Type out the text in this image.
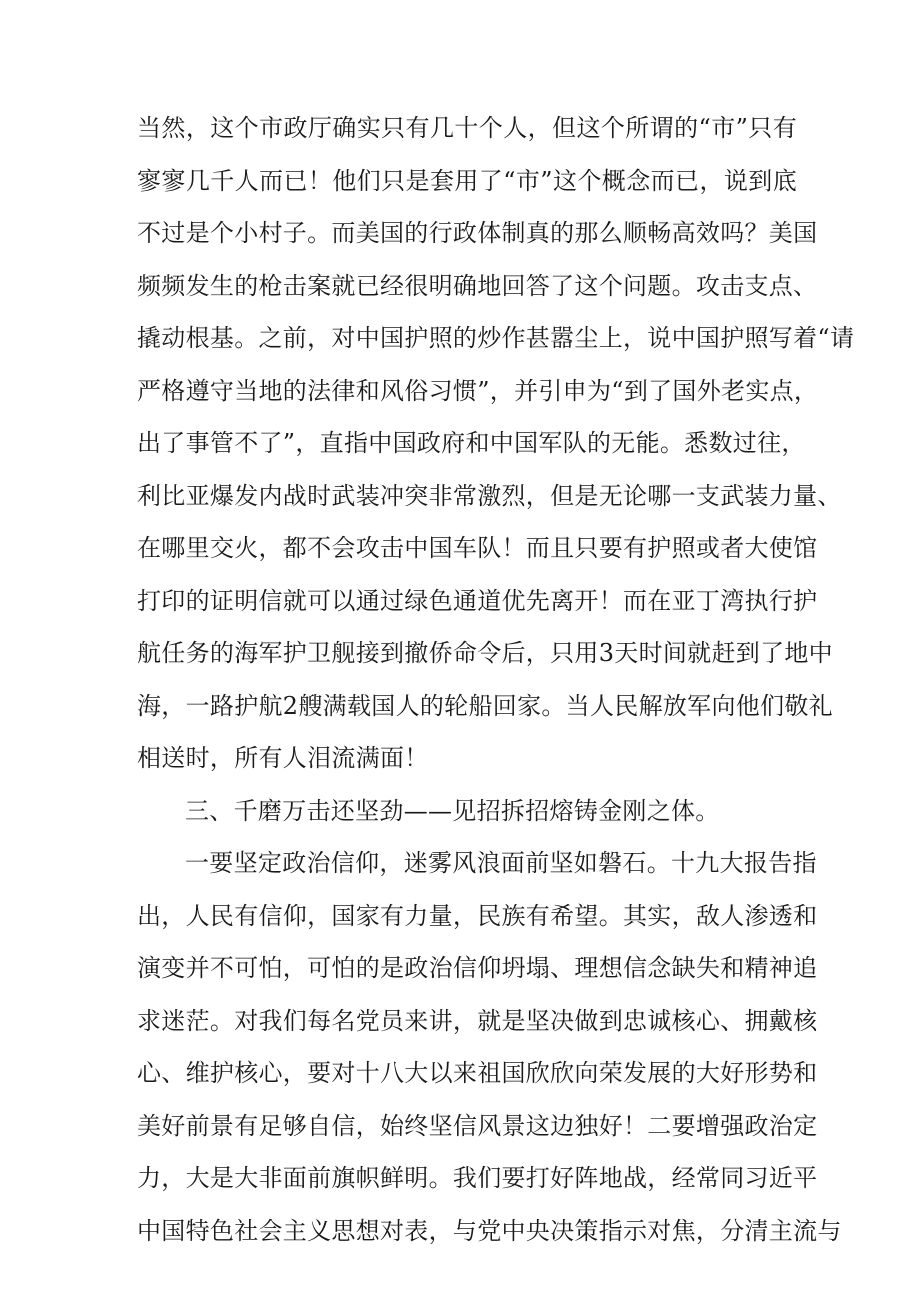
当然，这个市政厅确实只有几十个人，但这个所谓的“市”只有
寥寥几千人而已！他们只是套用了“市”这个概念而已，说到底
不过是个小村子。而美国的行政体制真的那么顺畅高效吗？美国
频频发生的枪击案就已经很明确地回答了这个问题。攻击支点、
撬动根基。之前，对中国护照的炒作甚嚣尘上，说中国护照写着“请
严格遵守当地的法律和风俗习惯”，并引申为“到了国外老实点，
出了事管不了”，直指中国政府和中国军队的无能。悉数过往，
利比亚爆发内战时武装冲突非常激烈，但是无论哪一支武装力量、
在哪里交火，都不会攻击中国车队！而且只要有护照或者大使馆
打印的证明信就可以通过绿色通道优先离开！而在亚丁湾执行护
航任务的海军护卫舰接到撤侨命令后，只用3天时间就赶到了地中
海，一路护航2艘满载国人的轮船回家。当人民解放军向他们敬礼
相送时，所有人泪流满面！
三、千磨万击还坚劲——见招拆招熔铸金刚之体。
一要坚定政治信仰，迷雾风浪面前坚如磐石。十九大报告指
出，人民有信仰，国家有力量，民族有希望。其实，敌人渗透和
演变并不可怕，可怕的是政治信仰坍塌、理想信念缺失和精神追
求迷茫。对我们每名党员来讲，就是坚决做到忠诚核心、拥戴核
心、维护核心，要对十八大以来祖国欣欣向荣发展的大好形势和
美好前景有足够自信，始终坚信风景这边独好！二要增强政治定
力，大是大非面前旗帜鲜明。我们要打好阵地战，经常同习近平
中国特色社会主义思想对表，与党中央决策指示对焦，分清主流与
